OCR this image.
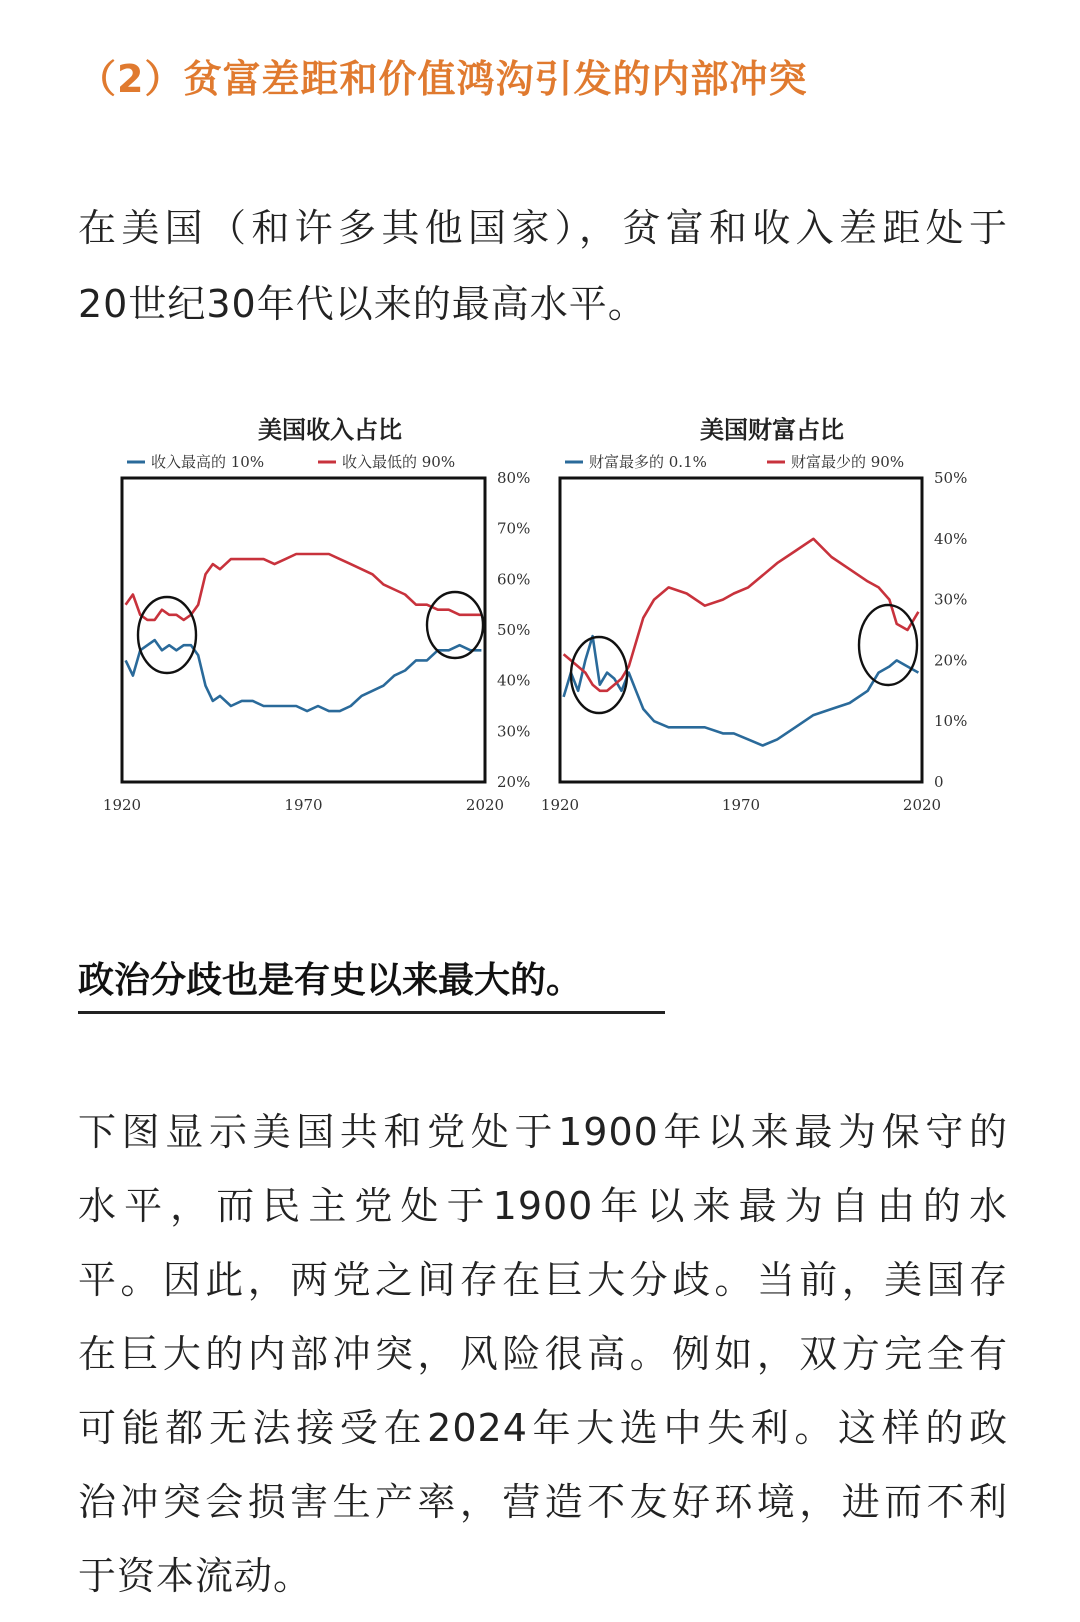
（2）贫富差距和价值鸿沟引发的内部冲突
在美国（和许多其他国家），贫富和收入差距处于
20世纪30年代以来的最高水平。
美国收入占比
收入最高的 10%	收入最低的 90%
20%
30%
40%
50%
60%
70%
80%
1920	1970	2020
美国财富占比
财富最多的 0.1%	财富最少的 90%
0
10%
20%
30%
40%
50%
1920	1970	2020
政治分歧也是有史以来最大的。
下图显示美国共和党处于1900年以来最为保守的
水平，而民主党处于1900年以来最为自由的水
平。因此，两党之间存在巨大分歧。当前，美国存
在巨大的内部冲突，风险很高。例如，双方完全有
可能都无法接受在2024年大选中失利。这样的政
治冲突会损害生产率，营造不友好环境，进而不利
于资本流动。
